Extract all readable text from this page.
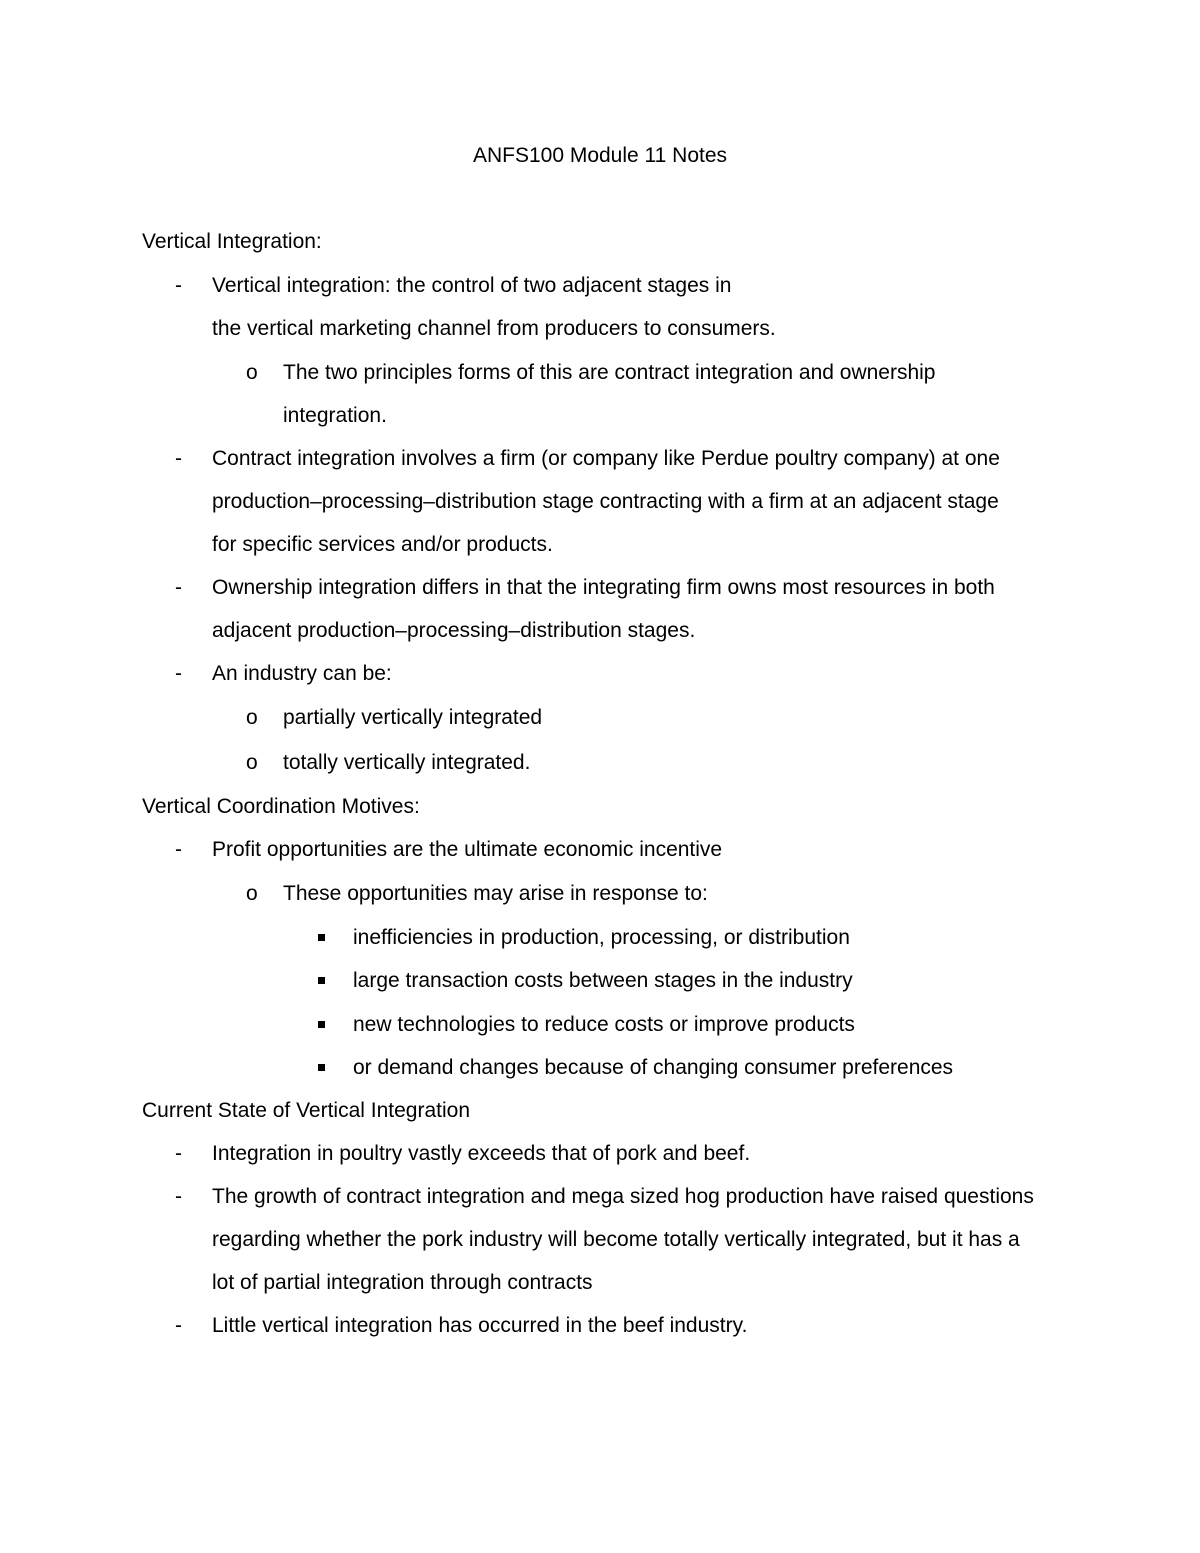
ANFS100 Module 11 Notes
Vertical Integration:
- Vertical integration: the control of two adjacent stages in
the vertical marketing channel from producers to consumers.
o The two principles forms of this are contract integration and ownership
integration.
- Contract integration involves a firm (or company like Perdue poultry company) at one
production–processing–distribution stage contracting with a firm at an adjacent stage
for specific services and/or products.
- Ownership integration differs in that the integrating firm owns most resources in both
adjacent production–processing–distribution stages.
- An industry can be:
o partially vertically integrated
o totally vertically integrated.
Vertical Coordination Motives:
- Profit opportunities are the ultimate economic incentive
o These opportunities may arise in response to:
inefficiencies in production, processing, or distribution
large transaction costs between stages in the industry
new technologies to reduce costs or improve products
or demand changes because of changing consumer preferences
Current State of Vertical Integration
- Integration in poultry vastly exceeds that of pork and beef.
- The growth of contract integration and mega sized hog production have raised questions
regarding whether the pork industry will become totally vertically integrated, but it has a
lot of partial integration through contracts
- Little vertical integration has occurred in the beef industry.
